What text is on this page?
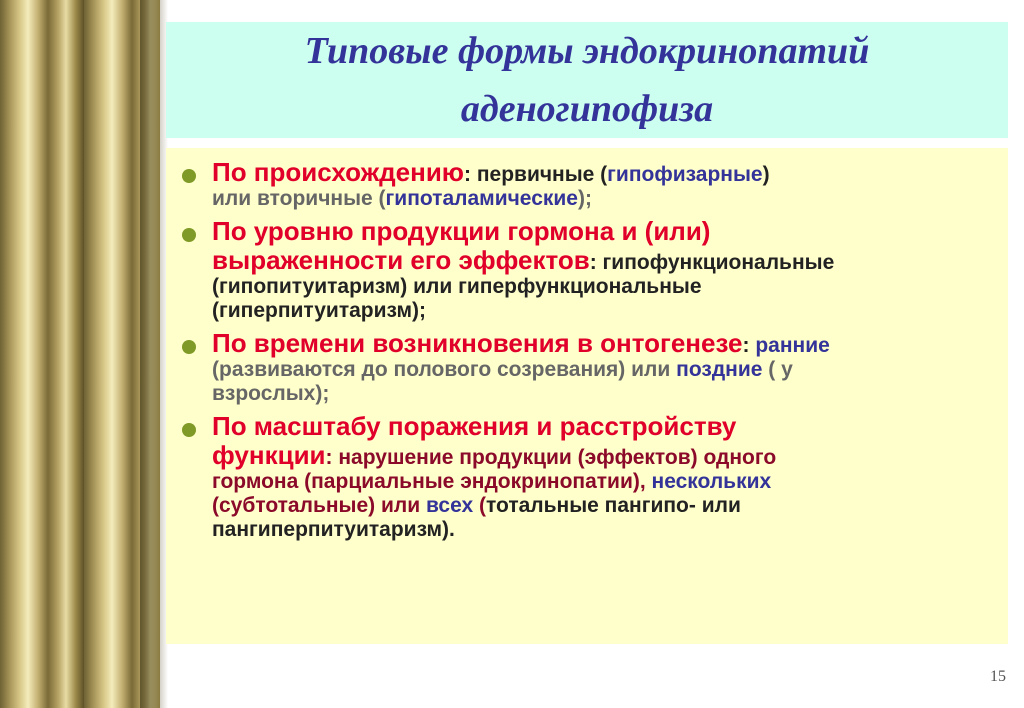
Типовые формы эндокринопатий
аденогипофиза
По происхождению: первичные (гипофизарные)
или вторичные (гипоталамические);
По уровню продукции гормона и (или)
выраженности его эффектов: гипофункциональные
(гипопитуитаризм) или гиперфункциональные
(гиперпитуитаризм);
По времени возникновения в онтогенезе: ранние
(развиваются до полового созревания) или поздние ( у
взрослых);
По масштабу поражения и расстройству
функции: нарушение продукции (эффектов) одного
гормона (парциальные эндокринопатии), нескольких
(субтотальные) или всех (тотальные пангипо- или
пангиперпитуитаризм).
15
